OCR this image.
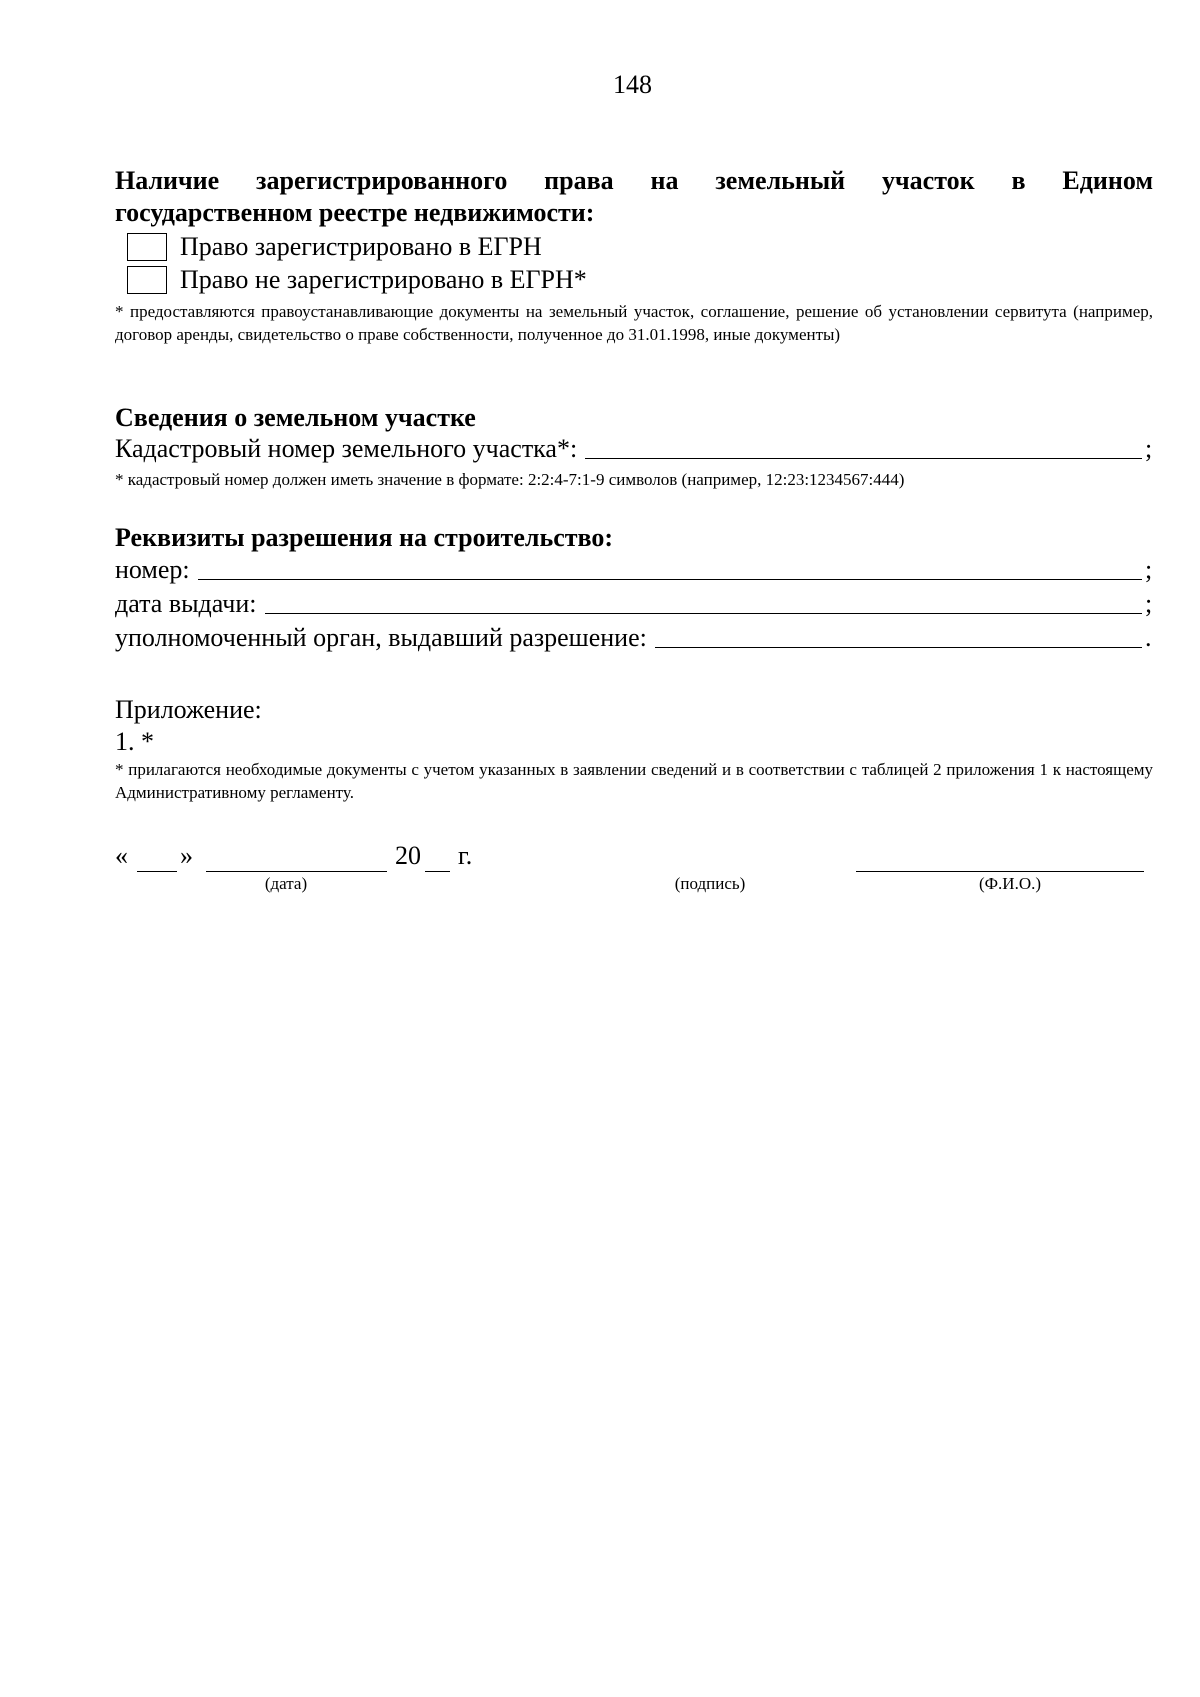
148
Наличие зарегистрированного права на земельный участок в Едином
государственном реестре недвижимости:
Право зарегистрировано в ЕГРН
Право не зарегистрировано в ЕГРН*
* предоставляются правоустанавливающие документы на земельный участок, соглашение, решение об установлении сервитута (например, договор аренды, свидетельство о праве собственности, полученное до 31.01.1998, иные документы)
Сведения о земельном участке
Кадастровый номер земельного участка*:	;
* кадастровый номер должен иметь значение в формате: 2:2:4-7:1-9 символов (например, 12:23:1234567:444)
Реквизиты разрешения на строительство:
номер:	;
дата выдачи:	;
уполномоченный орган, выдавший разрешение:	.
Приложение:
1. *
* прилагаются необходимые документы с учетом указанных в заявлении сведений и в соответствии с таблицей 2 приложения 1 к настоящему Административному регламенту.
« »	20 г.
(дата)	(подпись)	(Ф.И.О.)
